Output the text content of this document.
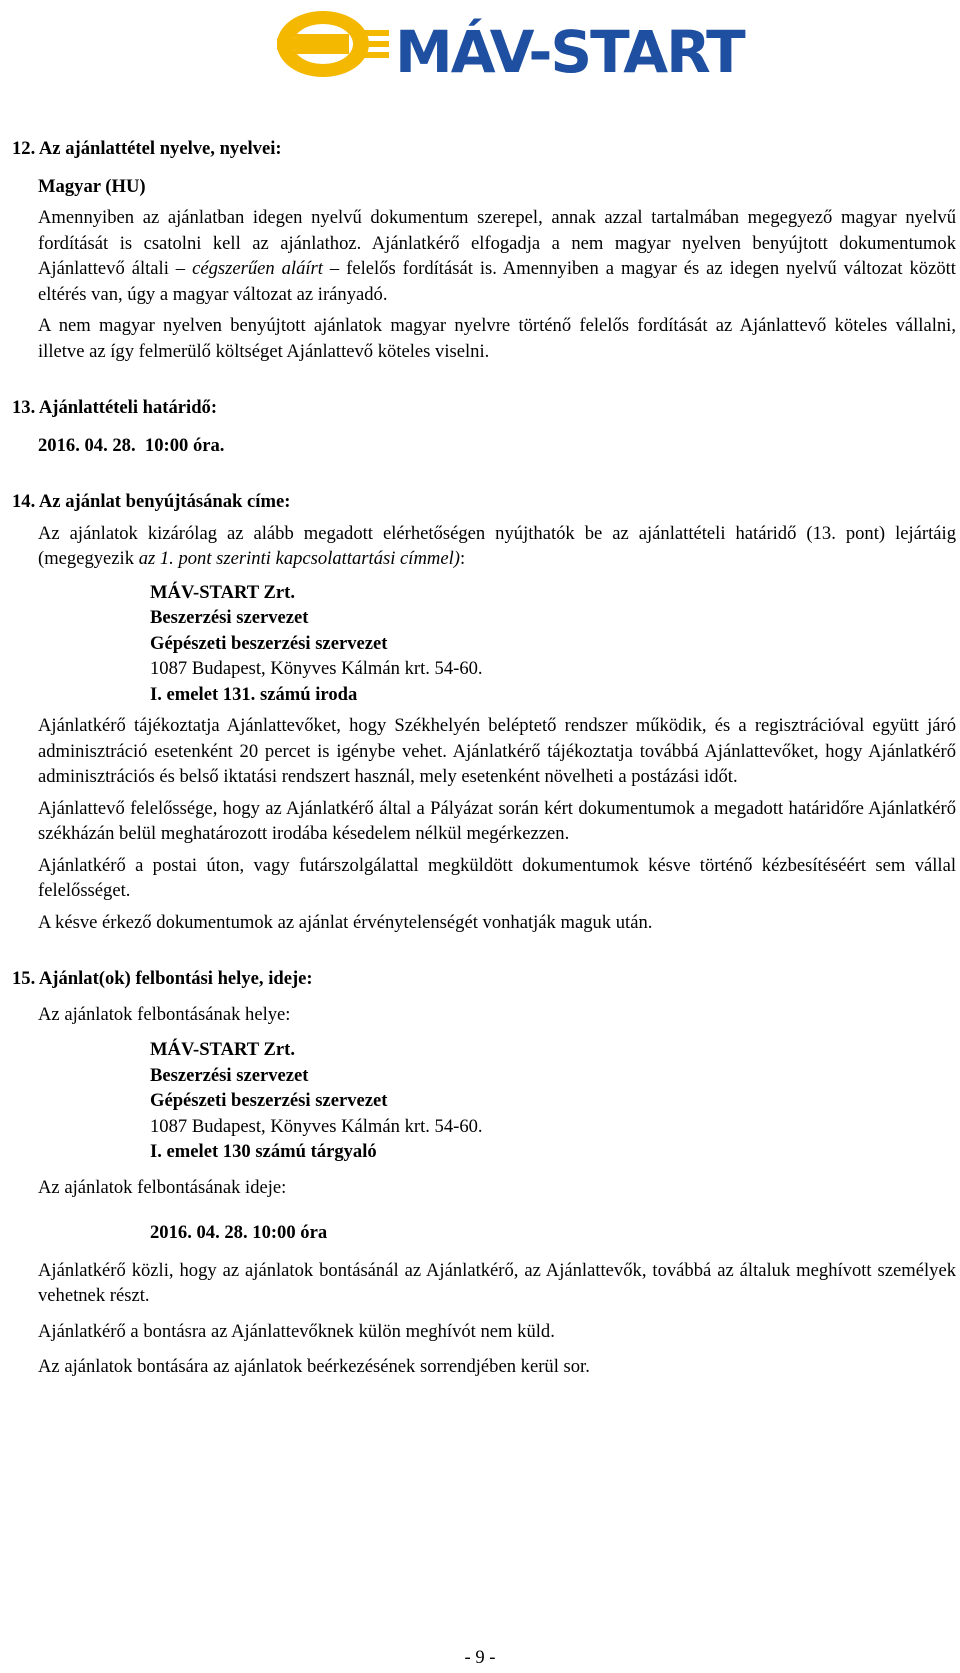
MÁV-START
12. Az ajánlattétel nyelve, nyelvei:
Magyar (HU)

Amennyiben az ajánlatban idegen nyelvű dokumentum szerepel, annak azzal tartalmában megegyező magyar nyelvű fordítását is csatolni kell az ajánlathoz. Ajánlatkérő elfogadja a nem magyar nyelven benyújtott dokumentumok Ajánlattevő általi – cégszerűen aláírt – felelős fordítását is. Amennyiben a magyar és az idegen nyelvű változat között eltérés van, úgy a magyar változat az irányadó.

A nem magyar nyelven benyújtott ajánlatok magyar nyelvre történő felelős fordítását az Ajánlattevő köteles vállalni, illetve az így felmerülő költséget Ajánlattevő köteles viselni.

13. Ajánlattételi határidő:
2016. 04. 28.  10:00 óra.
14. Az ajánlat benyújtásának címe:

Az ajánlatok kizárólag az alább megadott elérhetőségen nyújthatók be az ajánlattételi határidő (13. pont) lejártáig (megegyezik az 1. pont szerinti kapcsolattartási címmel):

MÁV-START Zrt.
Beszerzési szervezet
Gépészeti beszerzési szervezet
1087 Budapest, Könyves Kálmán krt. 54-60.
I. emelet 131. számú iroda

Ajánlatkérő tájékoztatja Ajánlattevőket, hogy Székhelyén beléptető rendszer működik, és a regisztrációval együtt járó adminisztráció esetenként 20 percet is igénybe vehet. Ajánlatkérő tájékoztatja továbbá Ajánlattevőket, hogy Ajánlatkérő adminisztrációs és belső iktatási rendszert használ, mely esetenként növelheti a postázási időt.

Ajánlattevő felelőssége, hogy az Ajánlatkérő által a Pályázat során kért dokumentumok a megadott határidőre Ajánlatkérő székházán belül meghatározott irodába késedelem nélkül megérkezzen.

Ajánlatkérő a postai úton, vagy futárszolgálattal megküldött dokumentumok késve történő kézbesítéséért sem vállal felelősséget.

A késve érkező dokumentumok az ajánlat érvénytelenségét vonhatják maguk után.

15. Ajánlat(ok) felbontási helye, ideje:

Az ajánlatok felbontásának helye:

MÁV-START Zrt.
Beszerzési szervezet
Gépészeti beszerzési szervezet
1087 Budapest, Könyves Kálmán krt. 54-60.
I. emelet 130 számú tárgyaló

Az ajánlatok felbontásának ideje:

2016. 04. 28. 10:00 óra

Ajánlatkérő közli, hogy az ajánlatok bontásánál az Ajánlatkérő, az Ajánlattevők, továbbá az általuk meghívott személyek vehetnek részt.

Ajánlatkérő a bontásra az Ajánlattevőknek külön meghívót nem küld.

Az ajánlatok bontására az ajánlatok beérkezésének sorrendjében kerül sor.

- 9 -
